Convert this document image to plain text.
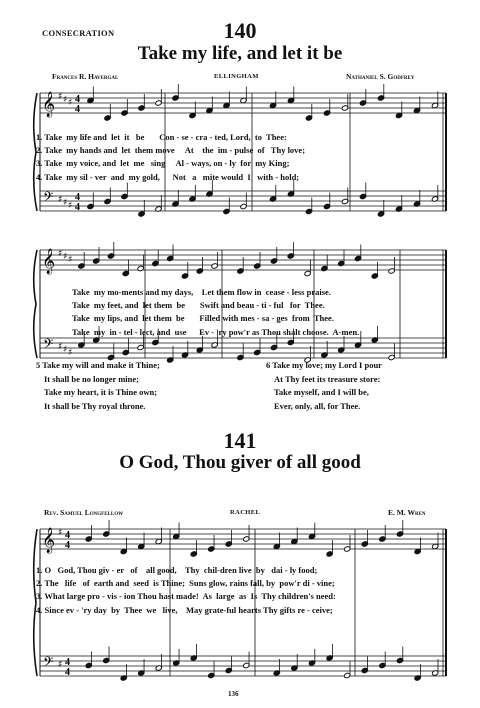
CONSECRATION	140
Take my life, and let it be
Frances R. Havergal	ELLINGHAM	Nathaniel S. Godfrey
𝄞
𝄢
♯
♯
♯
♯
♯
♯
4
4
4
4
𝄞
𝄢
♯
♯
♯
♯
♯
♯
𝄞
𝄢
♯
♯
4
4
4
4
1. Take  my life and  let  it   be       Con - se - cra - ted, Lord,  to  Thee:
2. Take  my hands and  let  them move     At    the  im - pulse  of   Thy love;
3. Take  my voice, and  let  me   sing     Al - ways, on - ly  for  my King;
4. Take  my sil - ver  and  my gold,      Not   a   mite would  I   with - hold;
Take  my mo-ments and my days,    Let them flow in  cease - less praise.
Take  my feet, and  let them  be       Swift and beau - ti - ful   for  Thee.
Take  my lips, and  let them  be       Filled with mes - sa - ges  from  Thee.
Take  my  in - tel - lect, and  use      Ev - 'ry pow'r as Thou shalt choose.  A-men.
5 Take my will and make it Thine;
It shall be no longer mine;
Take my heart, it is Thine own;
It shall be Thy royal throne.
6 Take my love; my Lord I pour
At Thy feet its treasure store:
Take myself, and I will be,
Ever, only, all, for Thee.
141
O God, Thou giver of all good
Rev. Samuel Longfellow	RACHEL	E. M. Wren
1. O   God, Thou giv - er   of    all good,    Thy  chil-dren live  by   dai - ly food;
2. The   life   of  earth and  seed  is Thine;  Suns glow, rains fall, by  pow'r di - vine;
3. What large pro - vis - ion Thou hast made!  As  large  as  Is  Thy children's need:
4. Since ev - 'ry day  by  Thee  we   live,    May grate-ful hearts Thy gifts re - ceive;
136
